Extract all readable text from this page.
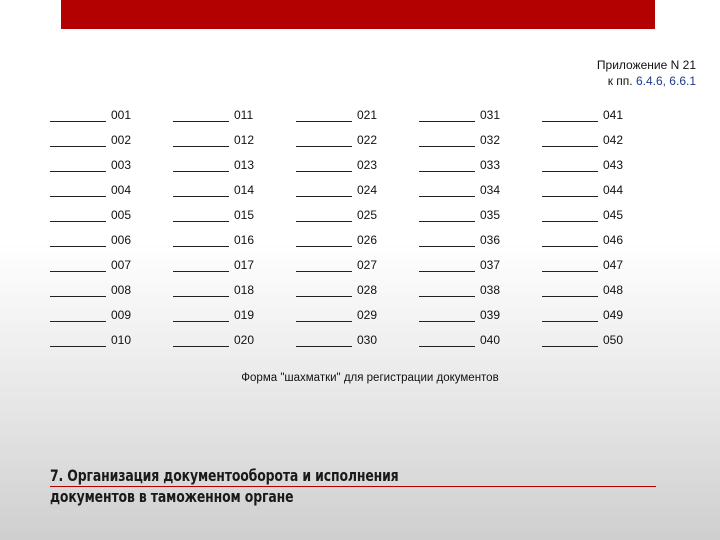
Приложение N 21
к пп. 6.4.6, 6.6.1
001	011	021	031	041
002	012	022	032	042
003	013	023	033	043
004	014	024	034	044
005	015	025	035	045
006	016	026	036	046
007	017	027	037	047
008	018	028	038	048
009	019	029	039	049
010	020	030	040	050
Форма "шахматки" для регистрации документов
7. Организация документооборота и исполнения документов в таможенном органе
